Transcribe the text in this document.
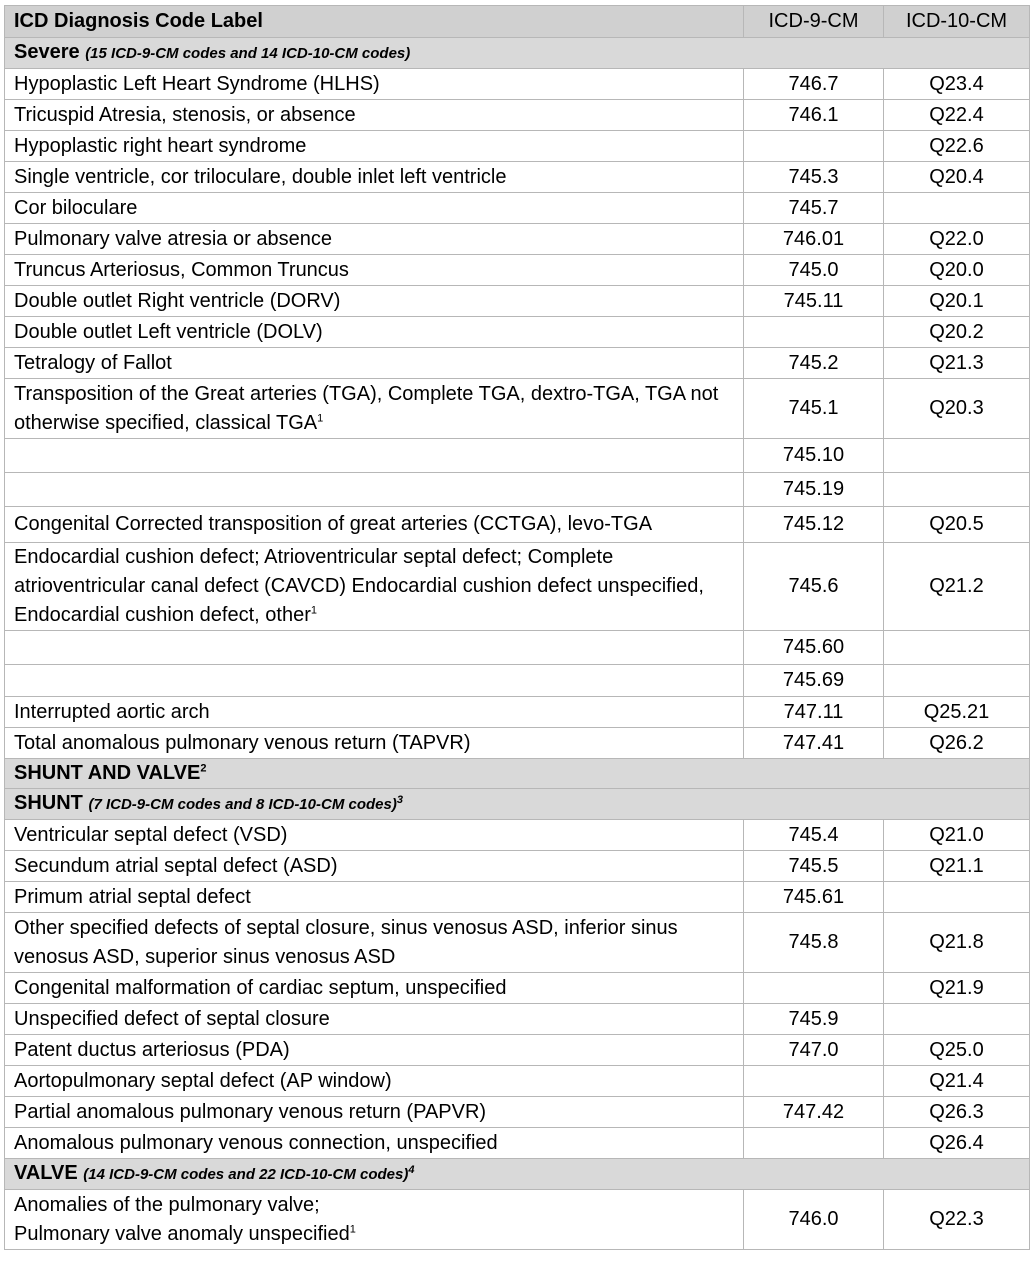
ICD Diagnosis Code Label	ICD-9-CM	ICD-10-CM
Severe (15 ICD-9-CM codes and 14 ICD-10-CM codes)		
Hypoplastic Left Heart Syndrome (HLHS)	746.7	Q23.4
Tricuspid Atresia, stenosis, or absence	746.1	Q22.4
Hypoplastic right heart syndrome		Q22.6
Single ventricle, cor triloculare, double inlet left ventricle	745.3	Q20.4
Cor biloculare	745.7	
Pulmonary valve atresia or absence	746.01	Q22.0
Truncus Arteriosus, Common Truncus	745.0	Q20.0
Double outlet Right ventricle (DORV)	745.11	Q20.1
Double outlet Left ventricle (DOLV)		Q20.2
Tetralogy of Fallot	745.2	Q21.3
Transposition of the Great arteries (TGA), Complete TGA, dextro-TGA, TGA not otherwise specified, classical TGA$^1$	745.1	Q20.3
	745.10	
	745.19	
Congenital Corrected transposition of great arteries (CCTGA), levo-TGA	745.12	Q20.5
Endocardial cushion defect; Atrioventricular septal defect; Complete atrioventricular canal defect (CAVCD) Endocardial cushion defect unspecified, Endocardial cushion defect, other$^1$	745.6	Q21.2
	745.60	
	745.69	
Interrupted aortic arch	747.11	Q25.21
Total anomalous pulmonary venous return (TAPVR)	747.41	Q26.2
SHUNT AND VALVE$^2$
SHUNT (7 ICD-9-CM codes and 8 ICD-10-CM codes)$^3$
Ventricular septal defect (VSD)	745.4	Q21.0
Secundum atrial septal defect (ASD)	745.5	Q21.1
Primum atrial septal defect	745.61	
Other specified defects of septal closure, sinus venosus ASD, inferior sinus venosus ASD, superior sinus venosus ASD	745.8	Q21.8
Congenital malformation of cardiac septum, unspecified		Q21.9
Unspecified defect of septal closure	745.9	
Patent ductus arteriosus (PDA)	747.0	Q25.0
Aortopulmonary septal defect (AP window)		Q21.4
Partial anomalous pulmonary venous return (PAPVR)	747.42	Q26.3
Anomalous pulmonary venous connection, unspecified		Q26.4
VALVE (14 ICD-9-CM codes and 22 ICD-10-CM codes)$^4$
Anomalies of the pulmonary valve;
Pulmonary valve anomaly unspecified$^1$	746.0	Q22.3
